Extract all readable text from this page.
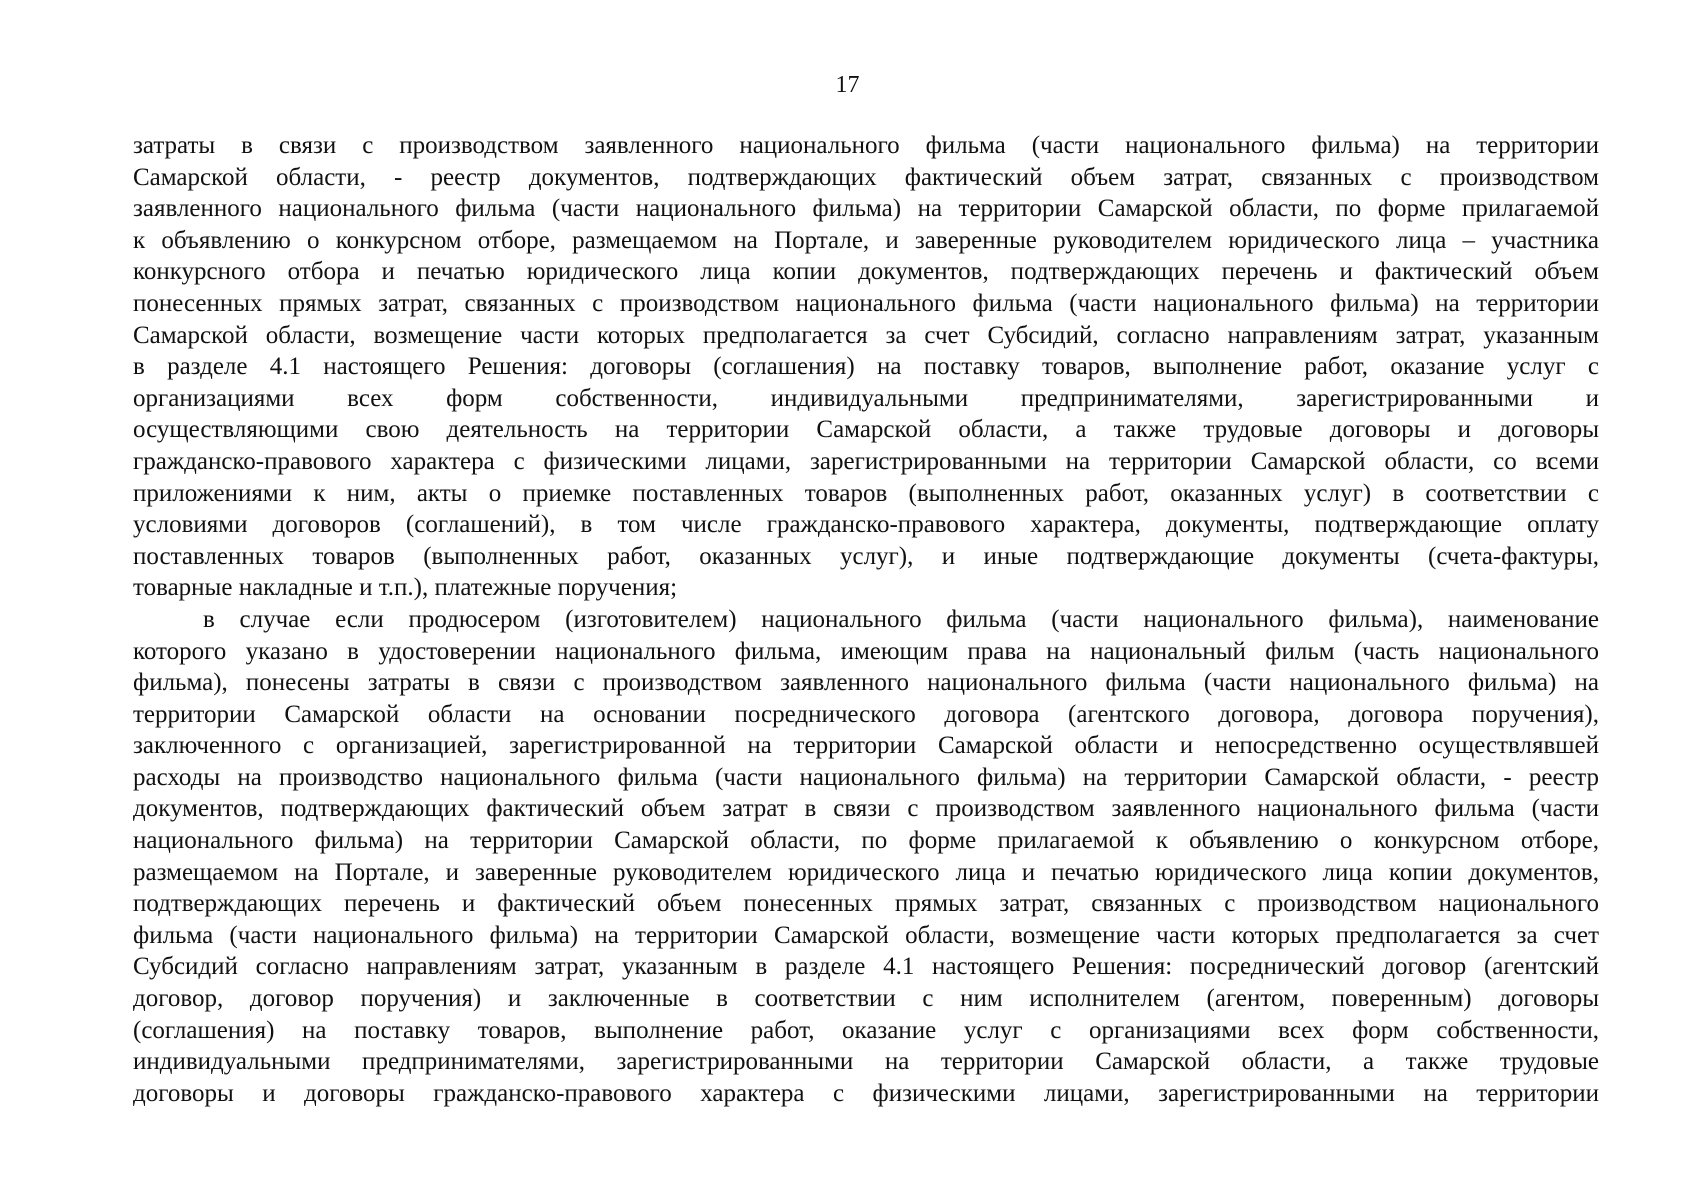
17
затраты в связи с производством заявленного национального фильма (части национального фильма) на территории
Самарской области, - реестр документов, подтверждающих фактический объем затрат, связанных с производством
заявленного национального фильма (части национального фильма) на территории Самарской области, по форме прилагаемой
к объявлению о конкурсном отборе, размещаемом на Портале, и заверенные руководителем юридического лица – участника
конкурсного отбора и печатью юридического лица копии документов, подтверждающих перечень и фактический объем
понесенных прямых затрат, связанных с производством национального фильма (части национального фильма) на территории
Самарской области, возмещение части которых предполагается за счет Субсидий, согласно направлениям затрат, указанным
в разделе 4.1 настоящего Решения: договоры (соглашения) на поставку товаров, выполнение работ, оказание услуг с
организациями всех форм собственности, индивидуальными предпринимателями, зарегистрированными и
осуществляющими свою деятельность на территории Самарской области, а также трудовые договоры и договоры
гражданско-правового характера с физическими лицами, зарегистрированными на территории Самарской области, со всеми
приложениями к ним, акты о приемке поставленных товаров (выполненных работ, оказанных услуг) в соответствии с
условиями договоров (соглашений), в том числе гражданско-правового характера, документы, подтверждающие оплату
поставленных товаров (выполненных работ, оказанных услуг), и иные подтверждающие документы (счета-фактуры,
товарные накладные и т.п.), платежные поручения;
в случае если продюсером (изготовителем) национального фильма (части национального фильма), наименование
которого указано в удостоверении национального фильма, имеющим права на национальный фильм (часть национального
фильма), понесены затраты в связи с производством заявленного национального фильма (части национального фильма) на
территории Самарской области на основании посреднического договора (агентского договора, договора поручения),
заключенного с организацией, зарегистрированной на территории Самарской области и непосредственно осуществлявшей
расходы на производство национального фильма (части национального фильма) на территории Самарской области, - реестр
документов, подтверждающих фактический объем затрат в связи с производством заявленного национального фильма (части
национального фильма) на территории Самарской области, по форме прилагаемой к объявлению о конкурсном отборе,
размещаемом на Портале, и заверенные руководителем юридического лица и печатью юридического лица копии документов,
подтверждающих перечень и фактический объем понесенных прямых затрат, связанных с производством национального
фильма (части национального фильма) на территории Самарской области, возмещение части которых предполагается за счет
Субсидий согласно направлениям затрат, указанным в разделе 4.1 настоящего Решения: посреднический договор (агентский
договор, договор поручения) и заключенные в соответствии с ним исполнителем (агентом, поверенным) договоры
(соглашения) на поставку товаров, выполнение работ, оказание услуг с организациями всех форм собственности,
индивидуальными предпринимателями, зарегистрированными на территории Самарской области, а также трудовые
договоры и договоры гражданско-правового характера с физическими лицами, зарегистрированными на территории
